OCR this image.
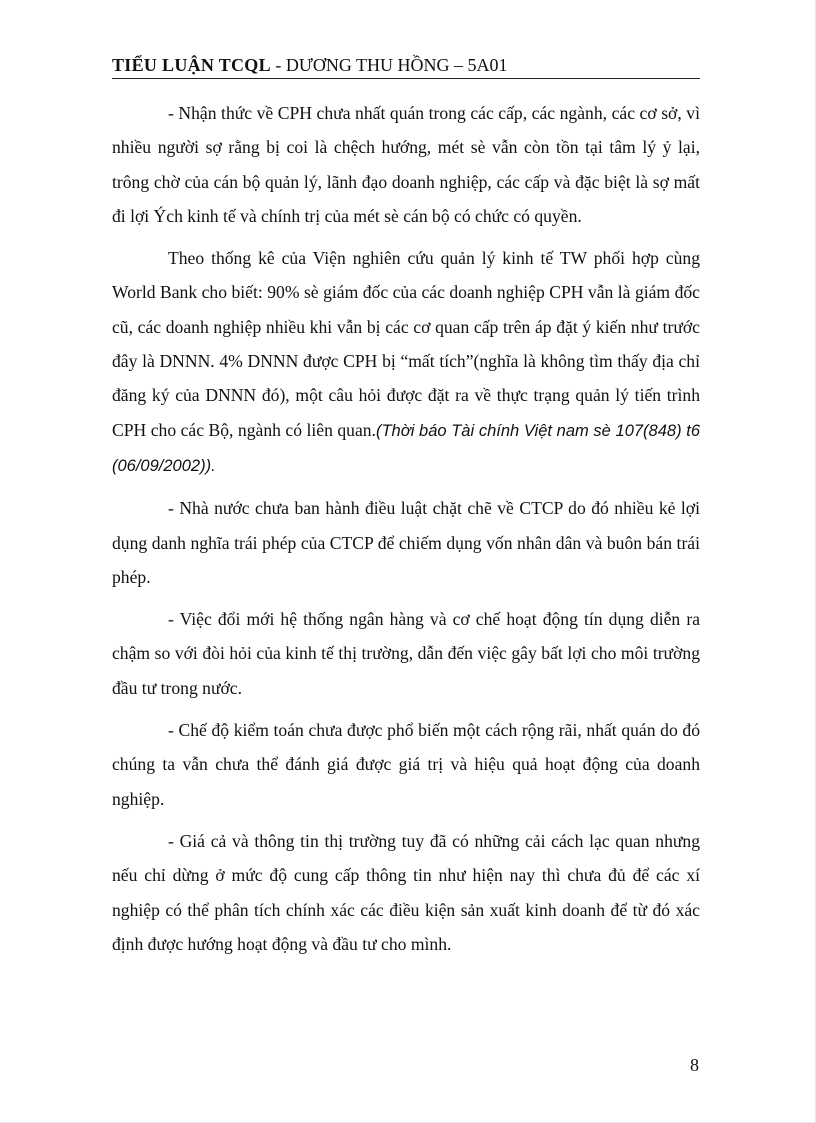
TIỂU LUẬN TCQL - DƯƠNG THU HỒNG – 5A01

- Nhận thức về CPH chưa nhất quán trong các cấp, các ngành, các cơ sở, vì nhiều người sợ rằng bị coi là chệch hướng, mét sè vẫn còn tồn tại tâm lý ỷ lại, trông chờ của cán bộ quản lý, lãnh đạo doanh nghiệp, các cấp và đặc biệt là sợ mất đi lợi Ých kinh tế và chính trị của mét sè cán bộ có chức có quyền.

Theo thống kê của Viện nghiên cứu quản lý kinh tế TW phối hợp cùng World Bank cho biết: 90% sè giám đốc của các doanh nghiệp CPH vẫn là giám đốc cũ, các doanh nghiệp nhiều khi vẫn bị các cơ quan cấp trên áp đặt ý kiến như trước đây là DNNN. 4% DNNN được CPH bị “mất tích”(nghĩa là không tìm thấy địa chỉ đăng ký của DNNN đó), một câu hỏi được đặt ra về thực trạng quản lý tiến trình CPH cho các Bộ, ngành có liên quan.(Thời báo Tài chính Việt nam sè 107(848) t6 (06/09/2002)).

- Nhà nước chưa ban hành điều luật chặt chẽ về CTCP do đó nhiều kẻ lợi dụng danh nghĩa trái phép của CTCP để chiếm dụng vốn nhân dân và buôn bán trái phép.

- Việc đổi mới hệ thống ngân hàng và cơ chế hoạt động tín dụng diễn ra chậm so với đòi hỏi của kinh tế thị trường, dẫn đến việc gây bất lợi cho môi trường đầu tư trong nước.

- Chế độ kiểm toán chưa được phổ biến một cách rộng rãi, nhất quán do đó chúng ta vẫn chưa thể đánh giá được giá trị và hiệu quả hoạt động của doanh nghiệp.

- Giá cả và thông tin thị trường tuy đã có những cải cách lạc quan nhưng nếu chỉ dừng ở mức độ cung cấp thông tin như hiện nay thì chưa đủ để các xí nghiệp có thể phân tích chính xác các điều kiện sản xuất kinh doanh để từ đó xác định được hướng hoạt động và đầu tư cho mình.

8
